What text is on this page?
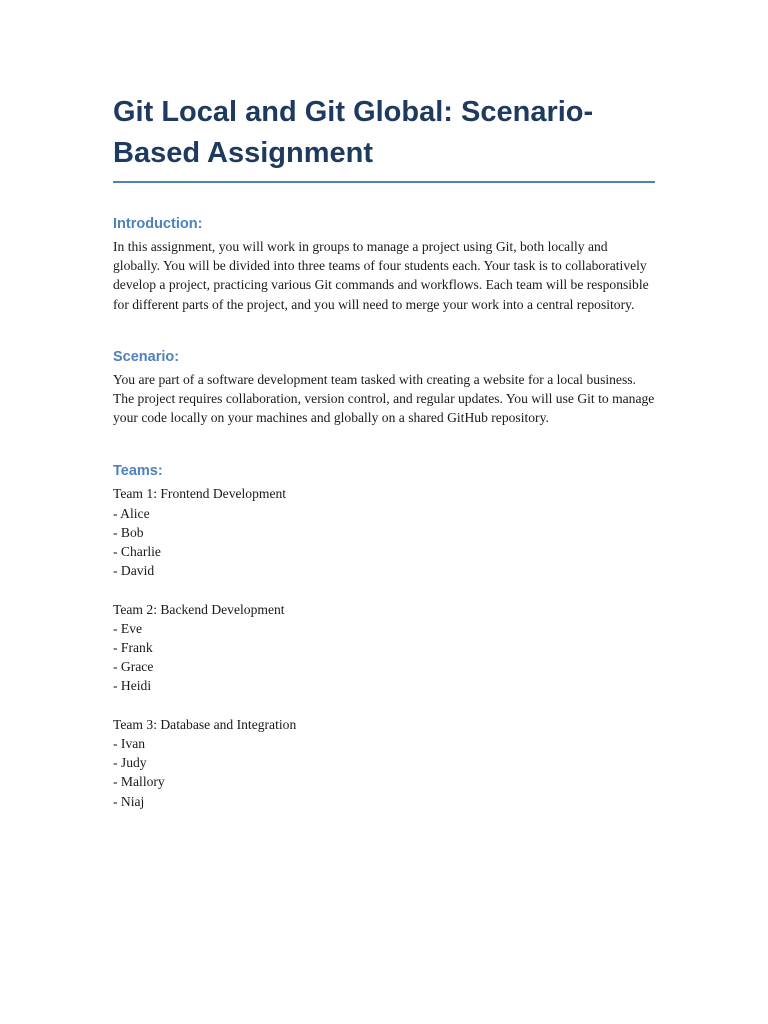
Git Local and Git Global: Scenario-Based Assignment
Introduction:

In this assignment, you will work in groups to manage a project using Git, both locally and globally. You will be divided into three teams of four students each. Your task is to collaboratively develop a project, practicing various Git commands and workflows. Each team will be responsible for different parts of the project, and you will need to merge your work into a central repository.

Scenario:

You are part of a software development team tasked with creating a website for a local business. The project requires collaboration, version control, and regular updates. You will use Git to manage your code locally on your machines and globally on a shared GitHub repository.

Teams:
Team 1: Frontend Development
- Alice
- Bob
- Charlie
- David
Team 2: Backend Development
- Eve
- Frank
- Grace
- Heidi
Team 3: Database and Integration
- Ivan
- Judy
- Mallory
- Niaj
